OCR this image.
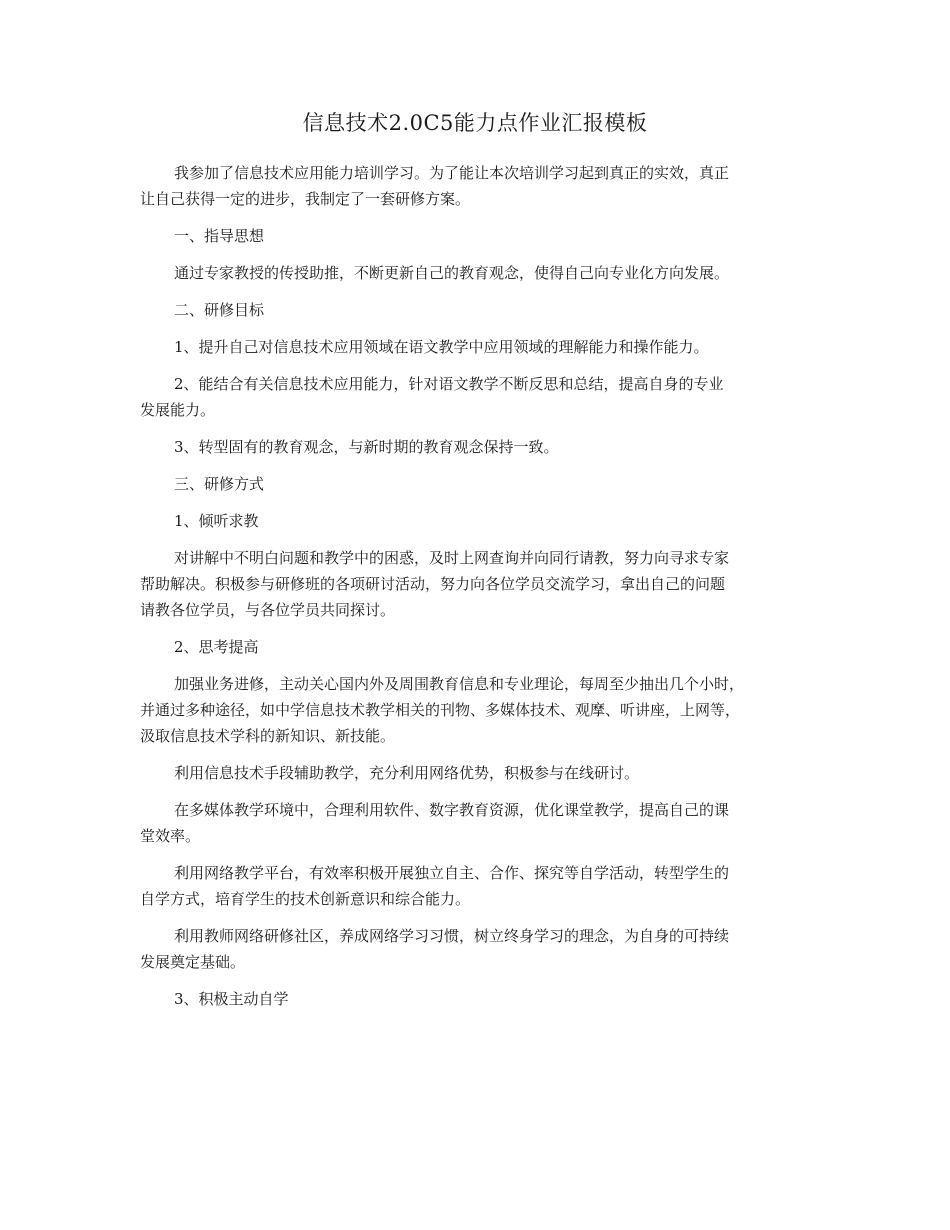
信息技术2.0C5能力点作业汇报模板

我参加了信息技术应用能力培训学习。为了能让本次培训学习起到真正的实效，真正
让自己获得一定的进步，我制定了一套研修方案。

一、指导思想

通过专家教授的传授助推，不断更新自己的教育观念，使得自己向专业化方向发展。

二、研修目标

1、提升自己对信息技术应用领域在语文教学中应用领域的理解能力和操作能力。

2、能结合有关信息技术应用能力，针对语文教学不断反思和总结，提高自身的专业
发展能力。

3、转型固有的教育观念，与新时期的教育观念保持一致。

三、研修方式

1、倾听求教

对讲解中不明白问题和教学中的困惑，及时上网查询并向同行请教，努力向寻求专家
帮助解决。积极参与研修班的各项研讨活动，努力向各位学员交流学习，拿出自己的问题
请教各位学员，与各位学员共同探讨。

2、思考提高

加强业务进修，主动关心国内外及周围教育信息和专业理论，每周至少抽出几个小时，
并通过多种途径，如中学信息技术教学相关的刊物、多媒体技术、观摩、听讲座，上网等，
汲取信息技术学科的新知识、新技能。

利用信息技术手段辅助教学，充分利用网络优势，积极参与在线研讨。

在多媒体教学环境中，合理利用软件、数字教育资源，优化课堂教学，提高自己的课
堂效率。

利用网络教学平台，有效率积极开展独立自主、合作、探究等自学活动，转型学生的
自学方式，培育学生的技术创新意识和综合能力。

利用教师网络研修社区，养成网络学习习惯，树立终身学习的理念，为自身的可持续
发展奠定基础。

3、积极主动自学
